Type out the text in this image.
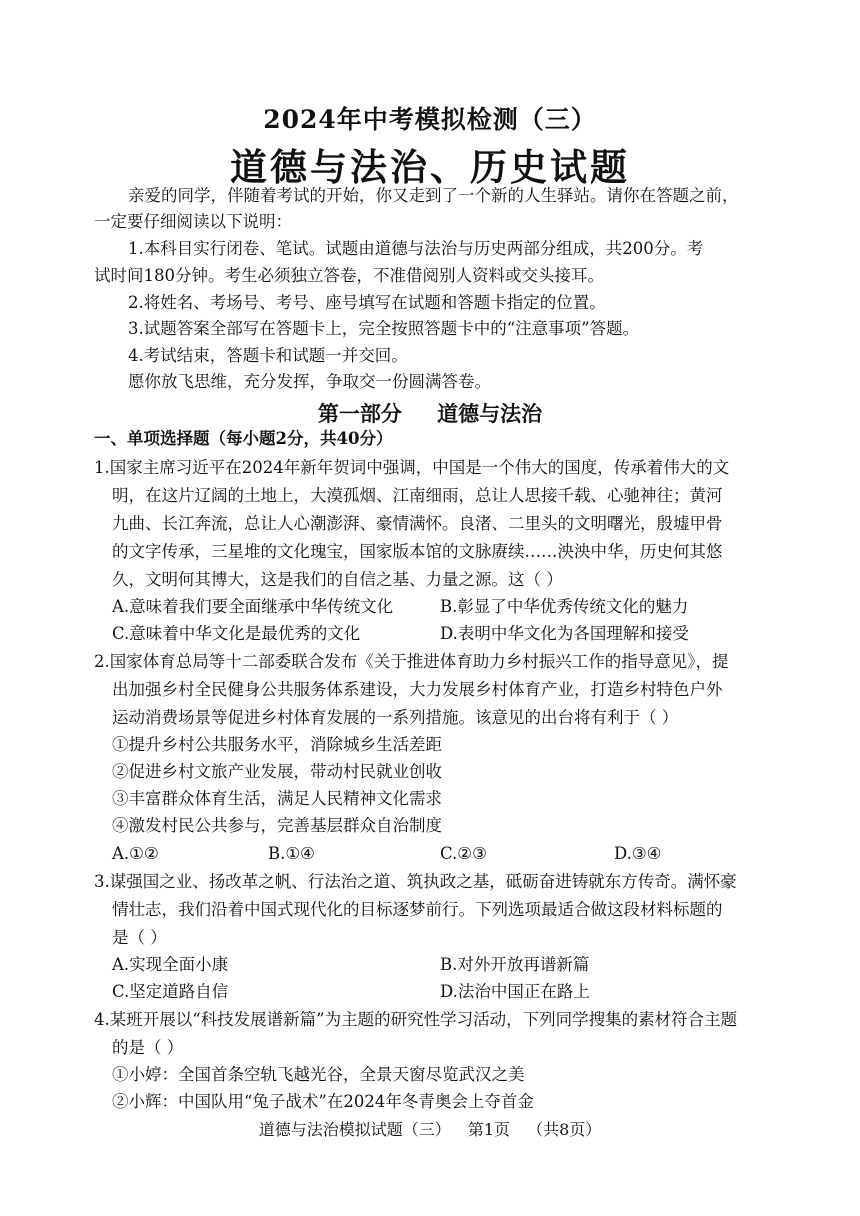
2024年中考模拟检测（三）
道德与法治、历史试题
亲爱的同学，伴随着考试的开始，你又走到了一个新的人生驿站。请你在答题之前，
一定要仔细阅读以下说明：
1.本科目实行闭卷、笔试。试题由道德与法治与历史两部分组成，共200分。考
试时间180分钟。考生必须独立答卷，不准借阅别人资料或交头接耳。
2.将姓名、考场号、考号、座号填写在试题和答题卡指定的位置。
3.试题答案全部写在答题卡上，完全按照答题卡中的“注意事项”答题。
4.考试结束，答题卡和试题一并交回。
愿你放飞思维，充分发挥，争取交一份圆满答卷。
第一部分 道德与法治
一、单项选择题（每小题2分，共40分）
1.国家主席习近平在2024年新年贺词中强调，中国是一个伟大的国度，传承着伟大的文
明，在这片辽阔的土地上，大漠孤烟、江南细雨，总让人思接千载、心驰神往；黄河
九曲、长江奔流，总让人心潮澎湃、豪情满怀。良渚、二里头的文明曙光，殷墟甲骨
的文字传承，三星堆的文化瑰宝，国家版本馆的文脉赓续……泱泱中华，历史何其悠
久，文明何其博大，这是我们的自信之基、力量之源。这（ ）
A.意味着我们要全面继承中华传统文化	B.彰显了中华优秀传统文化的魅力
C.意味着中华文化是最优秀的文化	D.表明中华文化为各国理解和接受
2.国家体育总局等十二部委联合发布《关于推进体育助力乡村振兴工作的指导意见》，提
出加强乡村全民健身公共服务体系建设，大力发展乡村体育产业，打造乡村特色户外
运动消费场景等促进乡村体育发展的一系列措施。该意见的出台将有利于（ ）
①提升乡村公共服务水平，消除城乡生活差距
②促进乡村文旅产业发展，带动村民就业创收
③丰富群众体育生活，满足人民精神文化需求
④激发村民公共参与，完善基层群众自治制度
A.①②	B.①④	C.②③	D.③④
3.谋强国之业、扬改革之帆、行法治之道、筑执政之基，砥砺奋进铸就东方传奇。满怀豪
情壮志，我们沿着中国式现代化的目标逐梦前行。下列选项最适合做这段材料标题的
是（ ）
A.实现全面小康	B.对外开放再谱新篇
C.坚定道路自信	D.法治中国正在路上
4.某班开展以“科技发展谱新篇”为主题的研究性学习活动，下列同学搜集的素材符合主题
的是（ ）
①小婷：全国首条空轨飞越光谷，全景天窗尽览武汉之美
②小辉：中国队用“兔子战术”在2024年冬青奥会上夺首金
道德与法治模拟试题（三） 第1页 （共8页）
